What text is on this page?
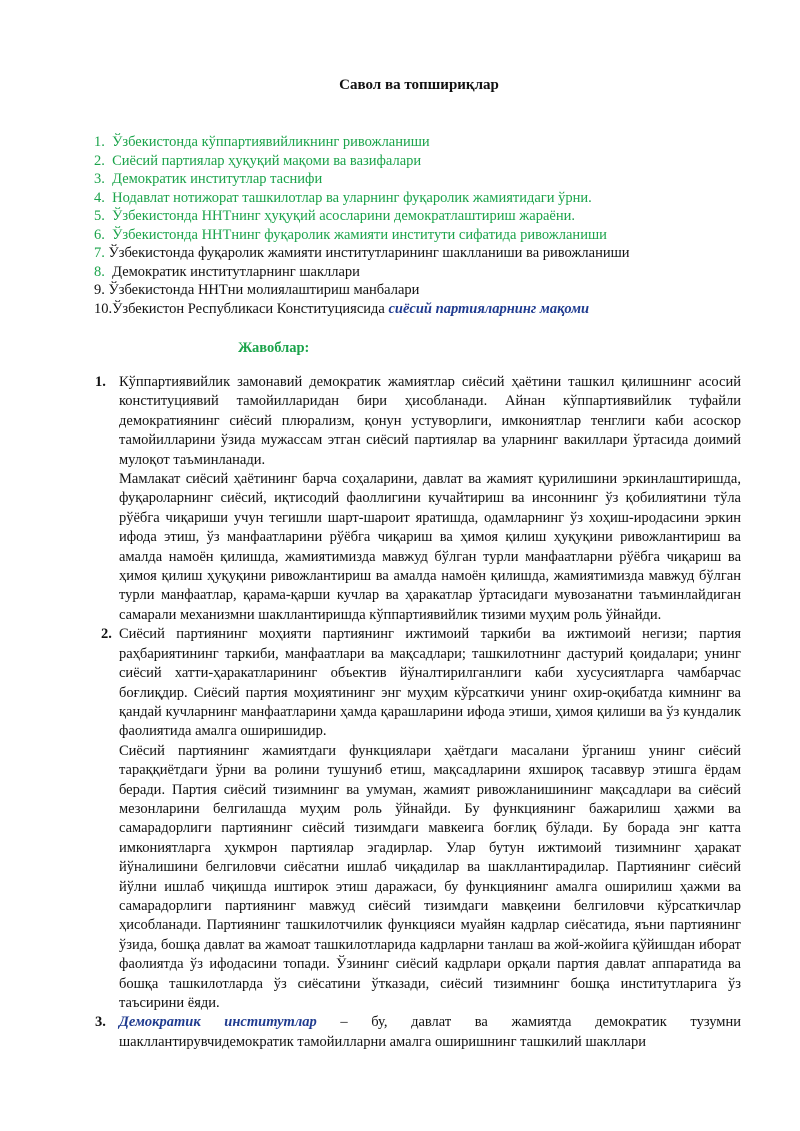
Савол ва топшириқлар
1. Ўзбекистонда кўппартиявийликнинг ривожланиши
2. Сиёсий партиялар ҳуқуқий мақоми ва вазифалари
3. Демократик институтлар таснифи
4. Нодавлат нотижорат ташкилотлар ва уларнинг фуқаролик жамиятидаги ўрни.
5. Ўзбекистонда ННТнинг ҳуқуқий асосларини демократлаштириш жараёни.
6. Ўзбекистонда ННТнинг фуқаролик жамияти институти сифатида ривожланиши
7. Ўзбекистонда фуқаролик жамияти институтларининг шаклланиши ва ривожланиши
8. Демократик институтларнинг шакллари
9. Ўзбекистонда ННТни молиялаштириш манбалари
10.Ўзбекистон Республикаси Конституциясида сиёсий партияларнинг мақоми
Жавоблар:
1. Кўппартиявийлик замонавий демократик жамиятлар сиёсий ҳаётини ташкил қилишнинг асосий конституциявий тамойилларидан бири ҳисобланади. Айнан кўппартиявийлик туфайли демократиянинг сиёсий плюрализм, қонун устуворлиги, имкониятлар тенглиги каби асоскор тамойилларини ўзида мужассам этган сиёсий партиялар ва уларнинг вакиллари ўртасида доимий мулоқот таъминланади.

Мамлакат сиёсий ҳаётининг барча соҳаларини, давлат ва жамият қурилишини эркинлаштиришда, фуқароларнинг сиёсий, иқтисодий фаоллигини кучайтириш ва инсоннинг ўз қобилиятини тўла рўёбга чиқариши учун тегишли шарт-шароит яратишда, одамларнинг ўз хоҳиш-иродасини эркин ифода этиш, ўз манфаатларини рўёбга чиқариш ва ҳимоя қилиш ҳуқуқини ривожлантириш ва амалда намоён қилишда, жамиятимизда мавжуд бўлган турли манфаатларни рўёбга чиқариш ва ҳимоя қилиш ҳуқуқини ривожлантириш ва амалда намоён қилишда, жамиятимизда мавжуд бўлган турли манфаатлар, қарама-қарши кучлар ва ҳаракатлар ўртасидаги мувозанатни таъминлайдиган самарали механизмни шакллантиришда кўппартиявийлик тизими муҳим роль ўйнайди.

2. Сиёсий партиянинг моҳияти партиянинг ижтимоий таркиби ва ижтимоий негизи; партия раҳбариятининг таркиби, манфаатлари ва мақсадлари; ташкилотнинг дастурий қоидалари; унинг сиёсий хатти-ҳаракатларининг объектив йўналтирилганлиги каби хусусиятларга чамбарчас боғлиқдир. Сиёсий партия моҳиятининг энг муҳим кўрсаткичи унинг охир-оқибатда кимнинг ва қандай кучларнинг манфаатларини ҳамда қарашларини ифода этиши, ҳимоя қилиши ва ўз кундалик фаолиятида амалга оширишидир.

Сиёсий партиянинг жамиятдаги функциялари ҳаётдаги масалани ўрганиш унинг сиёсий тараққиётдаги ўрни ва ролини тушуниб етиш, мақсадларини яхшироқ тасаввур этишга ёрдам беради. Партия сиёсий тизимнинг ва умуман, жамият ривожланишининг мақсадлари ва сиёсий мезонларини белгилашда муҳим роль ўйнайди. Бу функциянинг бажарилиш ҳажми ва самарадорлиги партиянинг сиёсий тизимдаги мавкеига боғлиқ бўлади. Бу борада энг катта имкониятларга ҳукмрон партиялар эгадирлар. Улар бутун ижтимоий тизимнинг ҳаракат йўналишини белгиловчи сиёсатни ишлаб чиқадилар ва шакллантирадилар. Партиянинг сиёсий йўлни ишлаб чиқишда иштирок этиш даражаси, бу функциянинг амалга оширилиш ҳажми ва самарадорлиги партиянинг мавжуд сиёсий тизимдаги мавқеини белгиловчи кўрсаткичлар ҳисобланади. Партиянинг ташкилотчилик функцияси муайян кадрлар сиёсатида, яъни партиянинг ўзида, бошқа давлат ва жамоат ташкилотларида кадрларни танлаш ва жой-жойига қўйишдан иборат фаолиятда ўз ифодасини топади. Ўзининг сиёсий кадрлари орқали партия давлат аппаратида ва бошқа ташкилотларда ўз сиёсатини ўтказади, сиёсий тизимнинг бошқа институтларига ўз таъсирини ёяди.

3. Демократик институтлар – бу, давлат ва жамиятда демократик тузумни шакллантирувчидемократик тамойилларни амалга оширишнинг ташкилий шакллари
